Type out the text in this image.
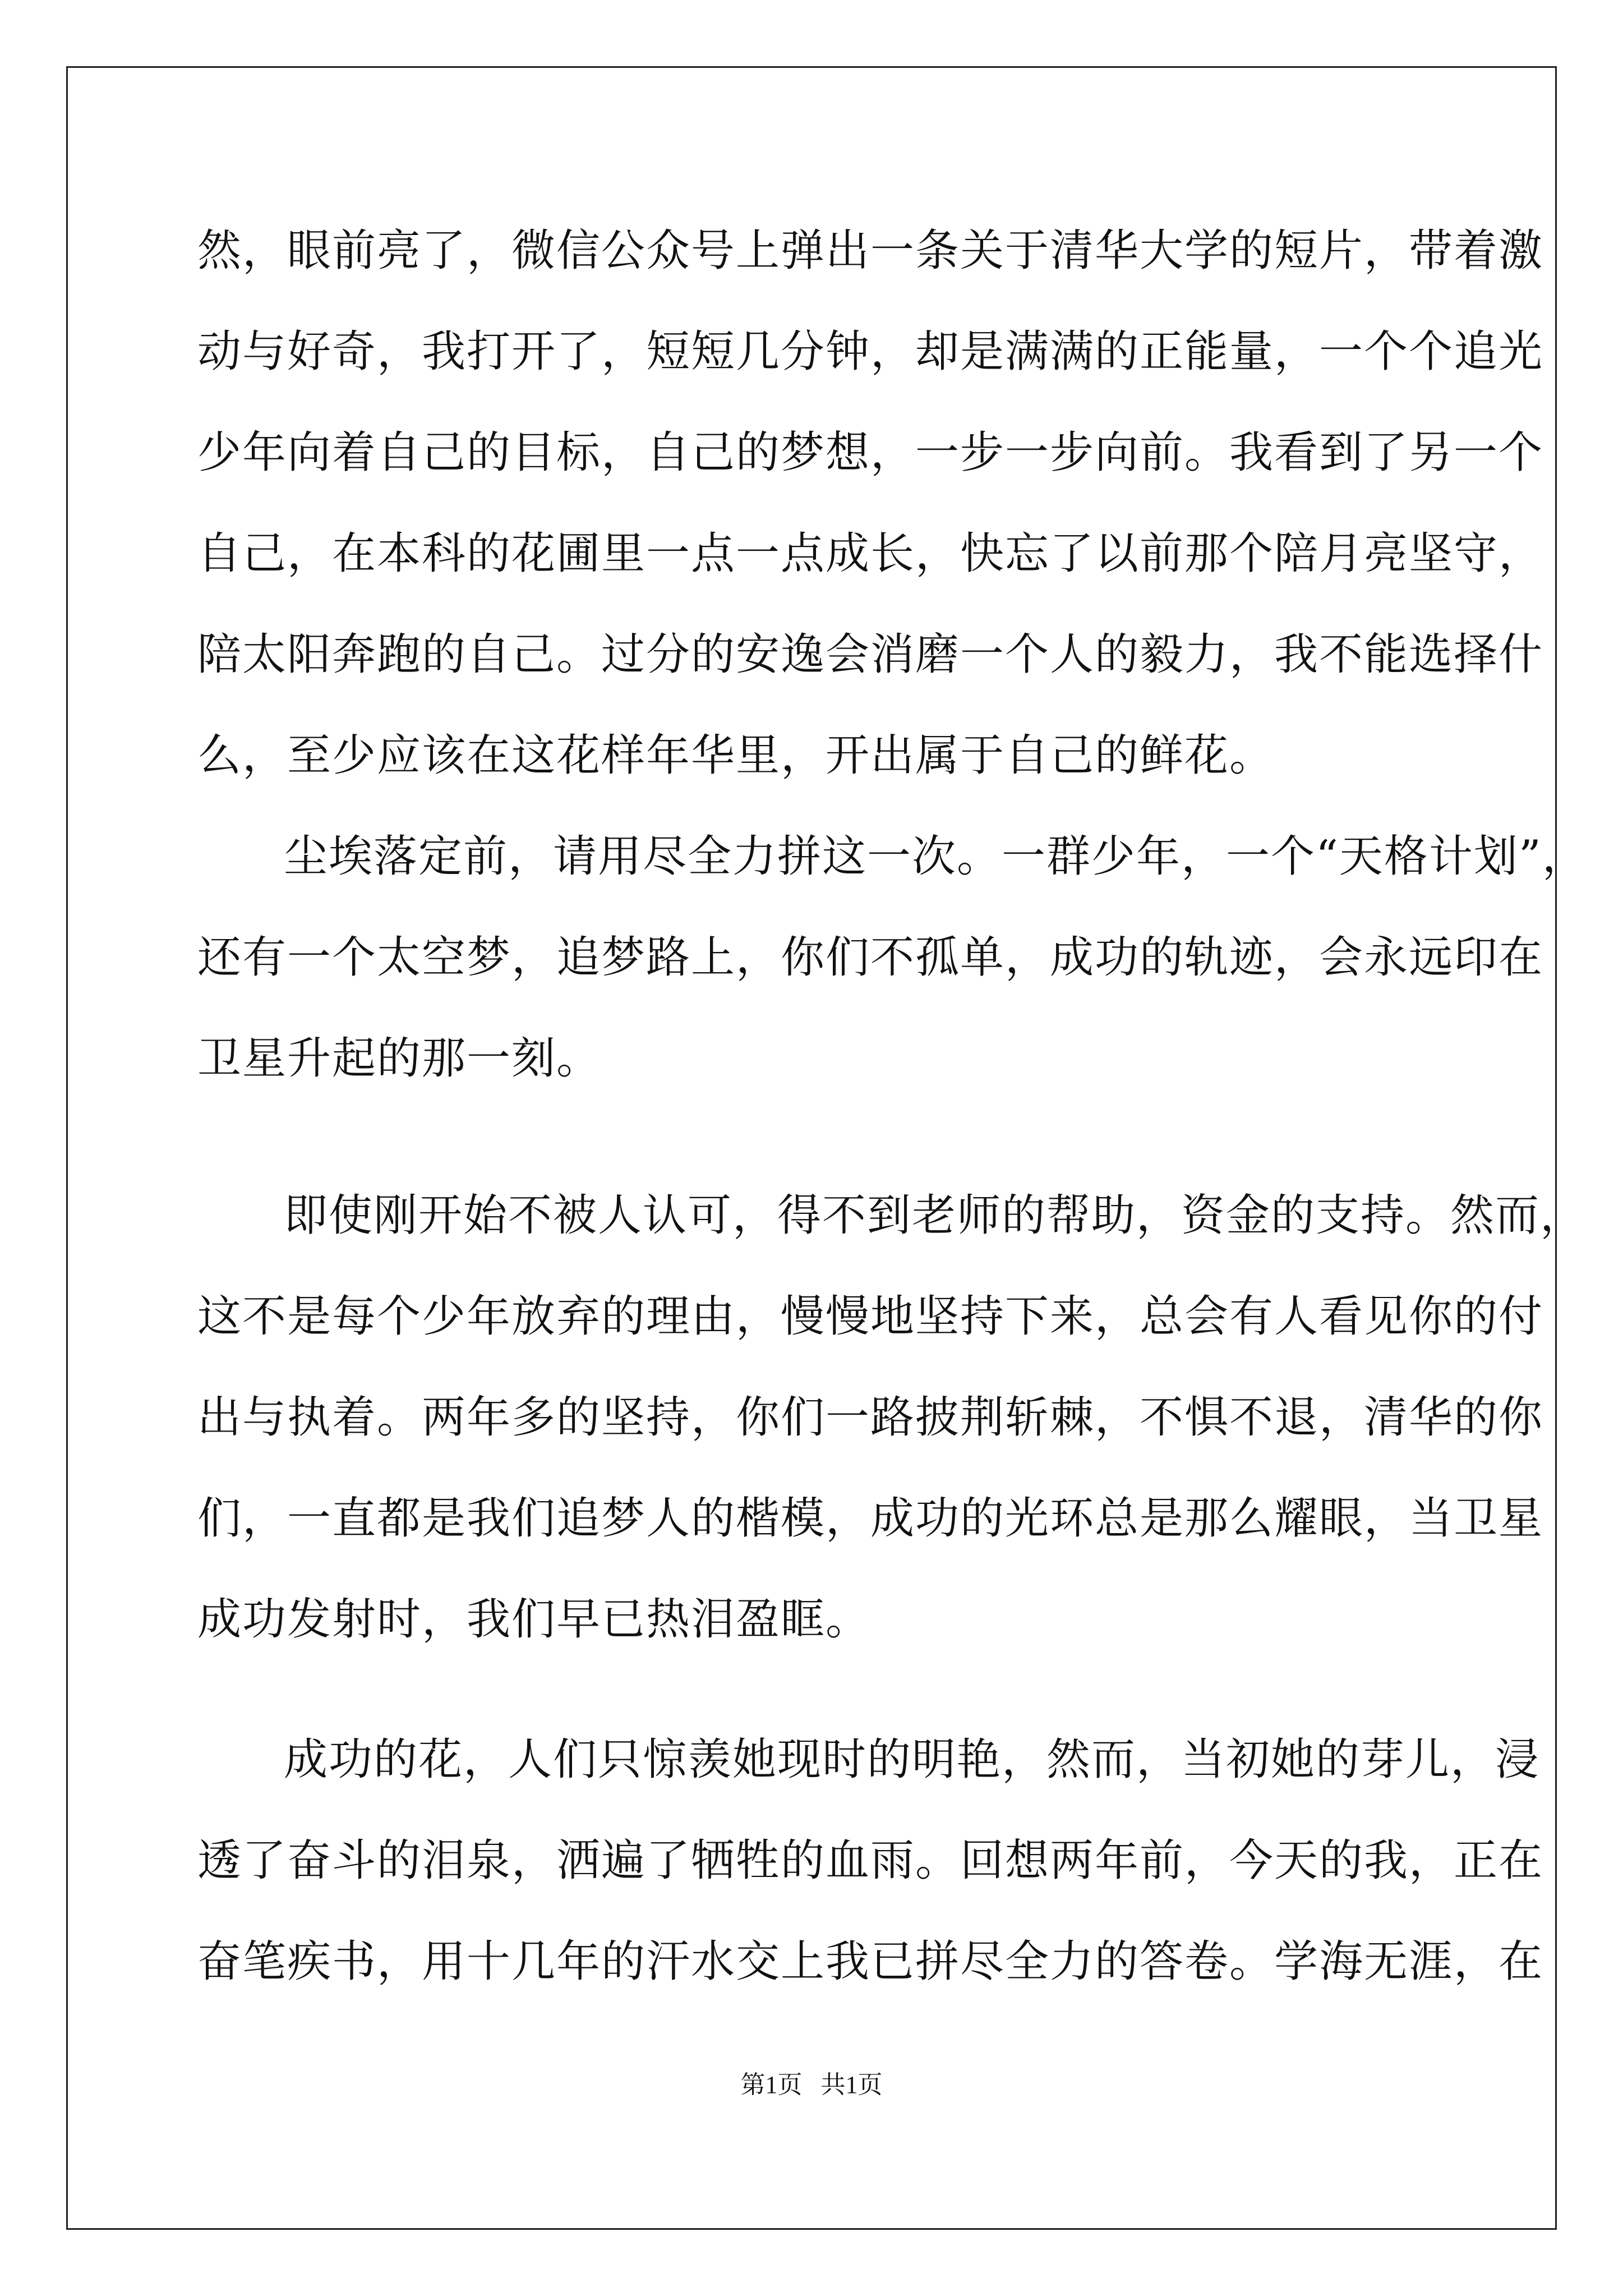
然，眼前亮了，微信公众号上弹出一条关于清华大学的短片，带着激
动与好奇，我打开了，短短几分钟，却是满满的正能量，一个个追光
少年向着自己的目标，自己的梦想，一步一步向前。我看到了另一个
自己，在本科的花圃里一点一点成长，快忘了以前那个陪月亮坚守，
陪太阳奔跑的自己。过分的安逸会消磨一个人的毅力，我不能选择什
么，至少应该在这花样年华里，开出属于自己的鲜花。
尘埃落定前，请用尽全力拼这一次。一群少年，一个“天格计划”，
还有一个太空梦，追梦路上，你们不孤单，成功的轨迹，会永远印在
卫星升起的那一刻。
即使刚开始不被人认可，得不到老师的帮助，资金的支持。然而，
这不是每个少年放弃的理由，慢慢地坚持下来，总会有人看见你的付
出与执着。两年多的坚持，你们一路披荆斩棘，不惧不退，清华的你
们，一直都是我们追梦人的楷模，成功的光环总是那么耀眼，当卫星
成功发射时，我们早已热泪盈眶。
成功的花，人们只惊羡她现时的明艳，然而，当初她的芽儿，浸
透了奋斗的泪泉，洒遍了牺牲的血雨。回想两年前，今天的我，正在
奋笔疾书，用十几年的汗水交上我已拼尽全力的答卷。学海无涯，在
第1页   共1页
